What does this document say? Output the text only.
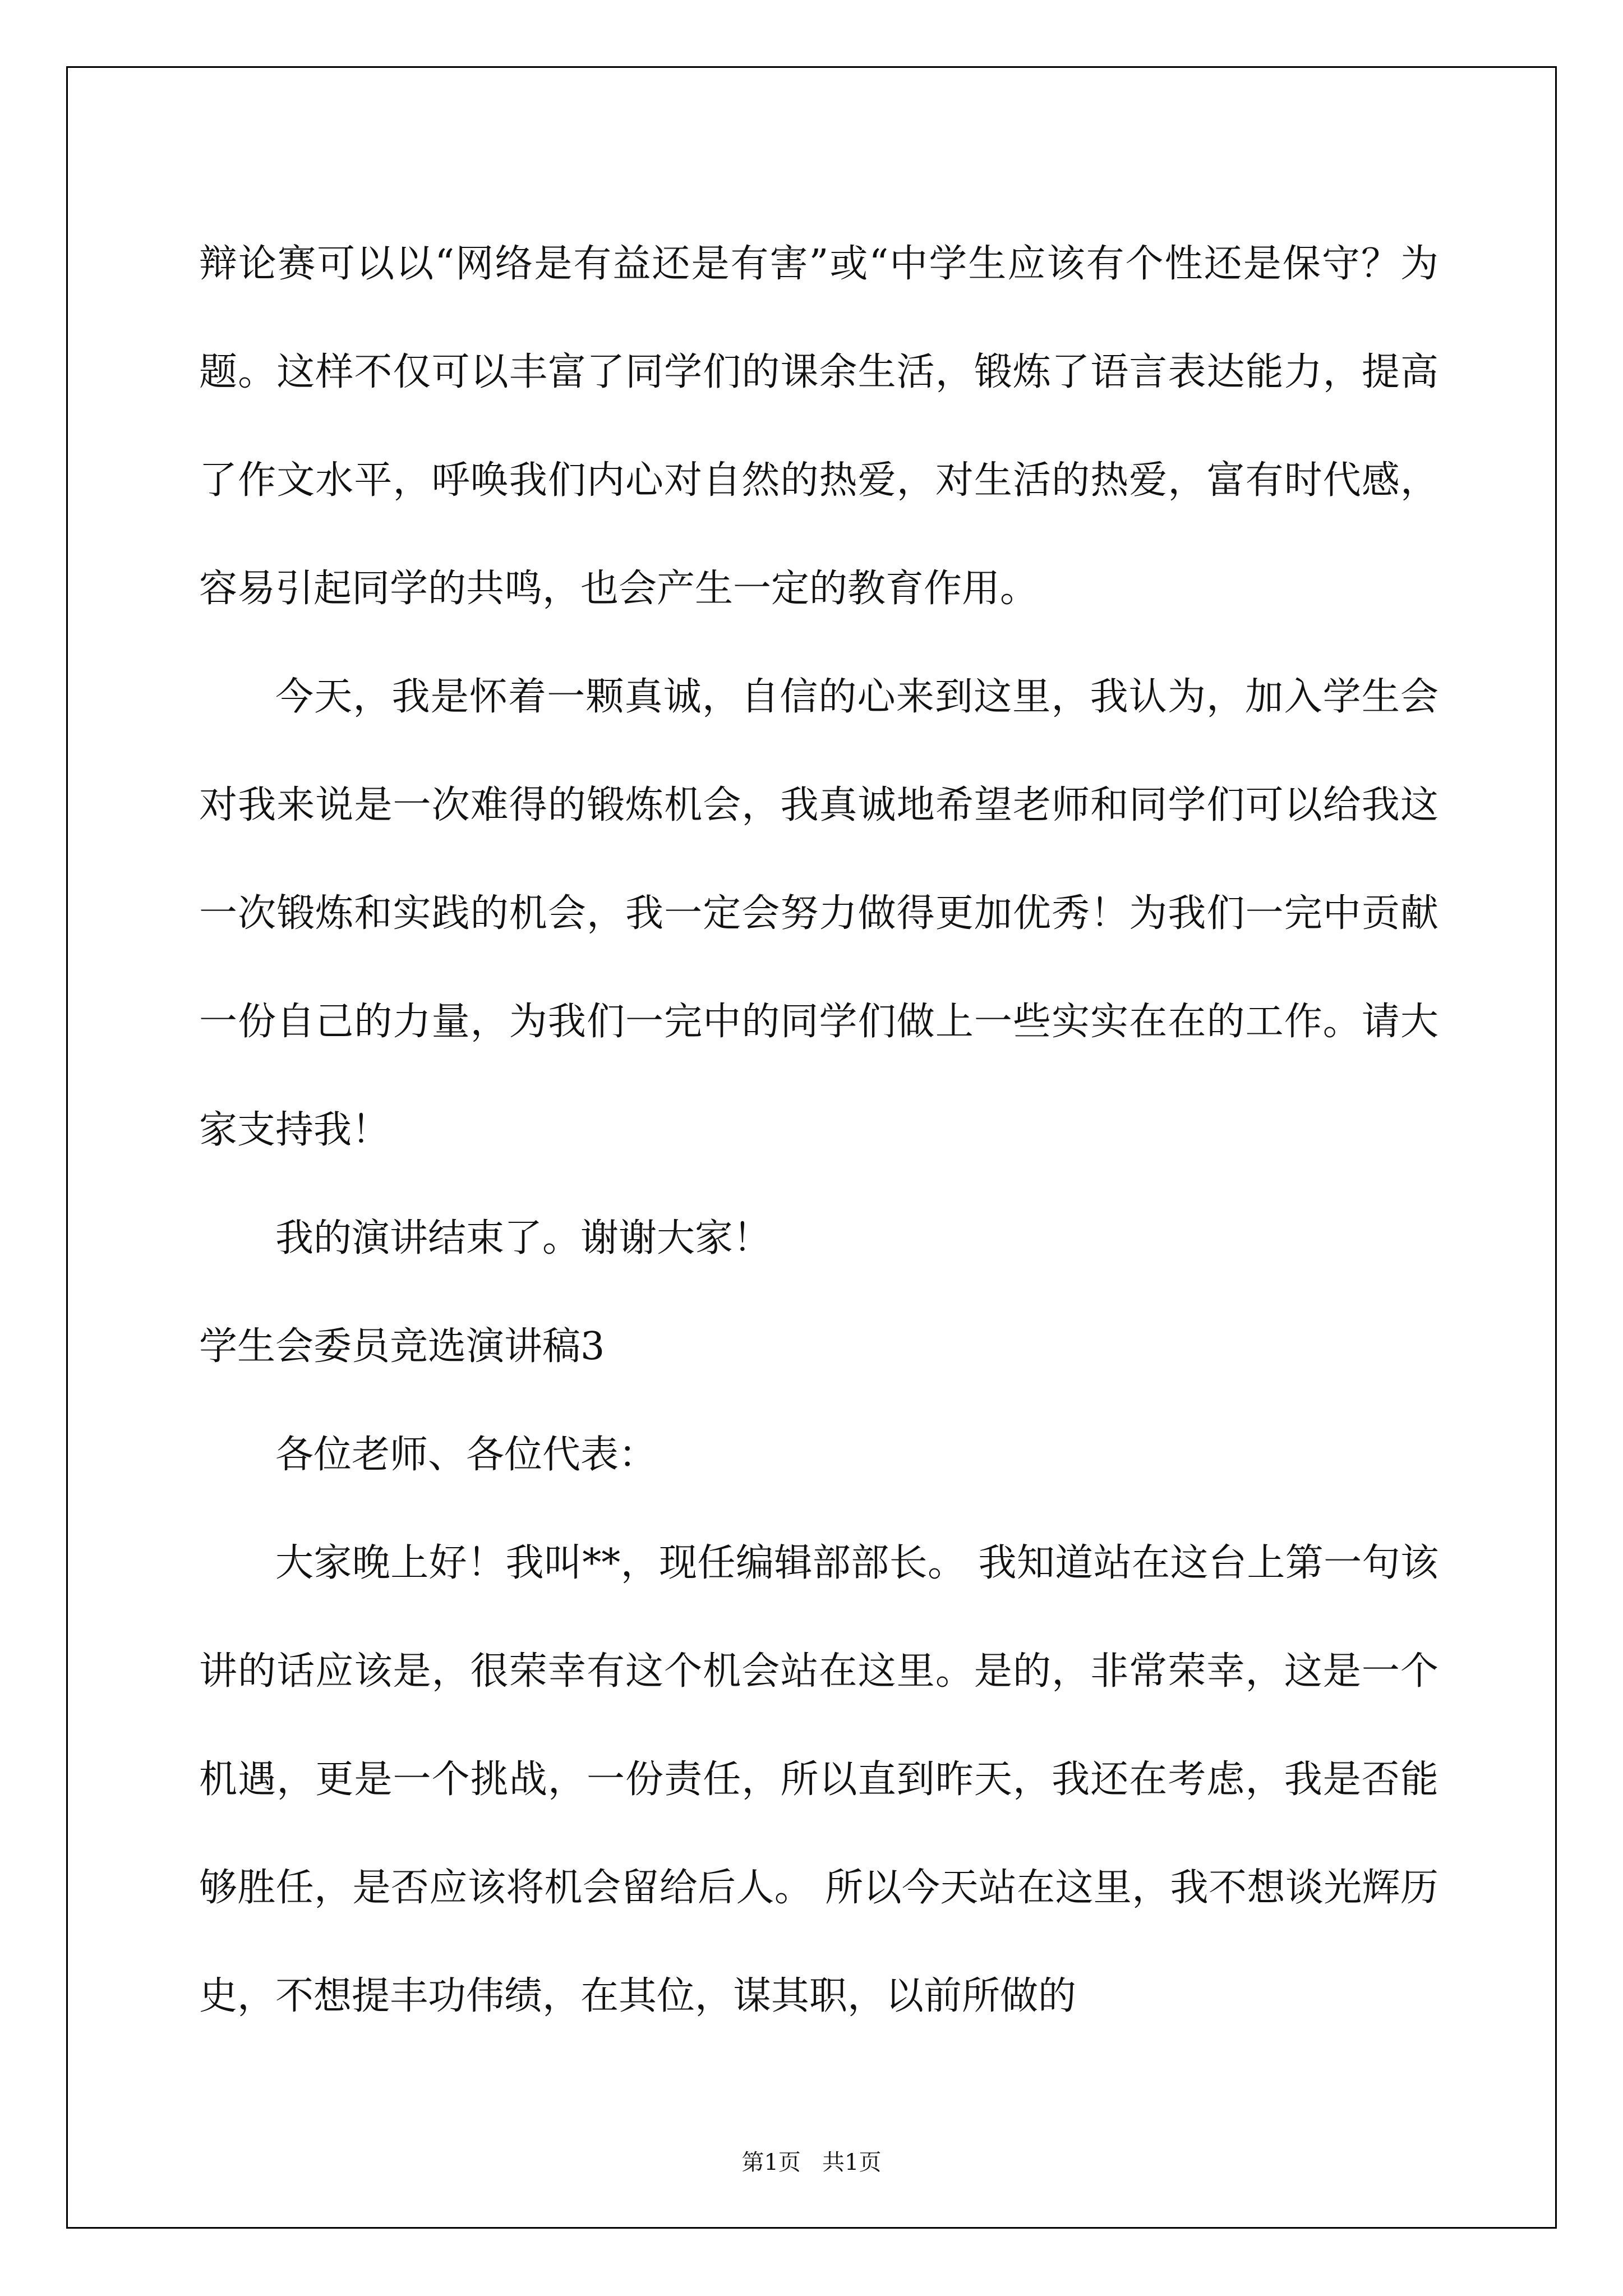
辩论赛可以以“网络是有益还是有害”或“中学生应该有个性还是保守？为题。这样不仅可以丰富了同学们的课余生活，锻炼了语言表达能力，提高了作文水平，呼唤我们内心对自然的热爱，对生活的热爱，富有时代感，容易引起同学的共鸣，也会产生一定的教育作用。

今天，我是怀着一颗真诚，自信的心来到这里，我认为，加入学生会对我来说是一次难得的锻炼机会，我真诚地希望老师和同学们可以给我这一次锻炼和实践的机会，我一定会努力做得更加优秀！为我们一完中贡献一份自己的力量，为我们一完中的同学们做上一些实实在在的工作。请大家支持我！

我的演讲结束了。谢谢大家！

学生会委员竞选演讲稿3

各位老师、各位代表：

大家晚上好！我叫**，现任编辑部部长。 我知道站在这台上第一句该讲的话应该是，很荣幸有这个机会站在这里。是的，非常荣幸，这是一个机遇，更是一个挑战，一份责任，所以直到昨天，我还在考虑，我是否能够胜任，是否应该将机会留给后人。 所以今天站在这里，我不想谈光辉历史，不想提丰功伟绩，在其位，谋其职，以前所做的

第1页   共1页
